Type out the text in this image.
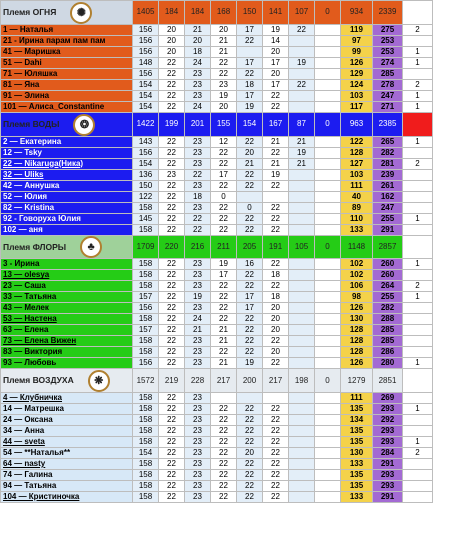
Племя ОГНЯ ✺	1405	184	184	168	150	141	107	0	934	2339	
1 — Наталья	156	20	21	20	17	19	22		119	275	2
21 - Ирина парам пам пам	156	20	20	21	22	14			97	253	
41 — Маришка	156	20	18	21		20			99	253	1
51 — Dahi	148	22	24	22	17	17	19		126	274	1
71 — Юляшка	156	22	23	22	22	20			129	285	
81 — Яна	154	22	23	23	18	17	22		124	278	2
91 — Элина	154	22	23	19	17	22			103	247	1
101 — Алиса_Constantine	154	22	24	20	19	22			117	271	1
Племя ВОДЫ ❂	1422	199	201	155	154	167	87	0	963	2385	
2 — Екатерина	143	22	23	12	22	21	21		122	265	1
12 — Tsky	156	22	23	22	20	22	19		128	282	
22 — Nikaruga(Ника)	154	22	23	22	21	21	21		127	281	2
32 — Uliks	136	23	22	17	22	19			103	239	
42 — Аннушка	150	22	23	22	22	22			111	261	
52 — Юлия	122	22	18	0					40	162	
82 — Kristina	158	22	23	22	0	22			89	247	
92 - Говоруха Юлия	145	22	22	22	22	22			110	255	1
102 — аня	158	22	22	22	22	22			133	291	
Племя ФЛОРЫ ♣	1709	220	216	211	205	191	105	0	1148	2857	
3 - Ирина	158	22	23	19	16	22			102	260	1
13 — olesya	158	22	23	17	22	18			102	260	
23 — Саша	158	22	23	22	22	22			106	264	2
33 — Татьяна	157	22	19	22	17	18			98	255	1
43 — Мелек	156	22	23	22	17	20			126	282	
53 — Настена	158	22	24	22	22	20			130	288	
63 — Елена	157	22	21	21	22	20			128	285	
73 — Елена Вижен	158	22	23	21	22	22			128	285	
83 — Виктория	158	22	23	22	22	20			128	286	
93 — Любовь	156	22	23	21	19	22			126	280	1
Племя ВОЗДУХА ❋	1572	219	228	217	200	217	198	0	1279	2851	
4 — Клубничка	158	22	23						111	269	
14 — Матрешка	158	22	23	22	22	22			135	293	1
24 — Оксана	158	22	23	22	22	22			134	292	
34 — Анна	158	22	23	22	22	22			135	293	
44 — sveta	158	22	23	22	22	22			135	293	1
54 — **Наталья**	154	22	23	22	20	22			130	284	2
64 — nasty	158	22	23	22	22	22			133	291	
74 — Галина	158	22	23	22	22	22			135	293	
94 — Татьяна	158	22	23	22	22	22			135	293	
104 — Кристиночка	158	22	23	22	22	22			133	291	
